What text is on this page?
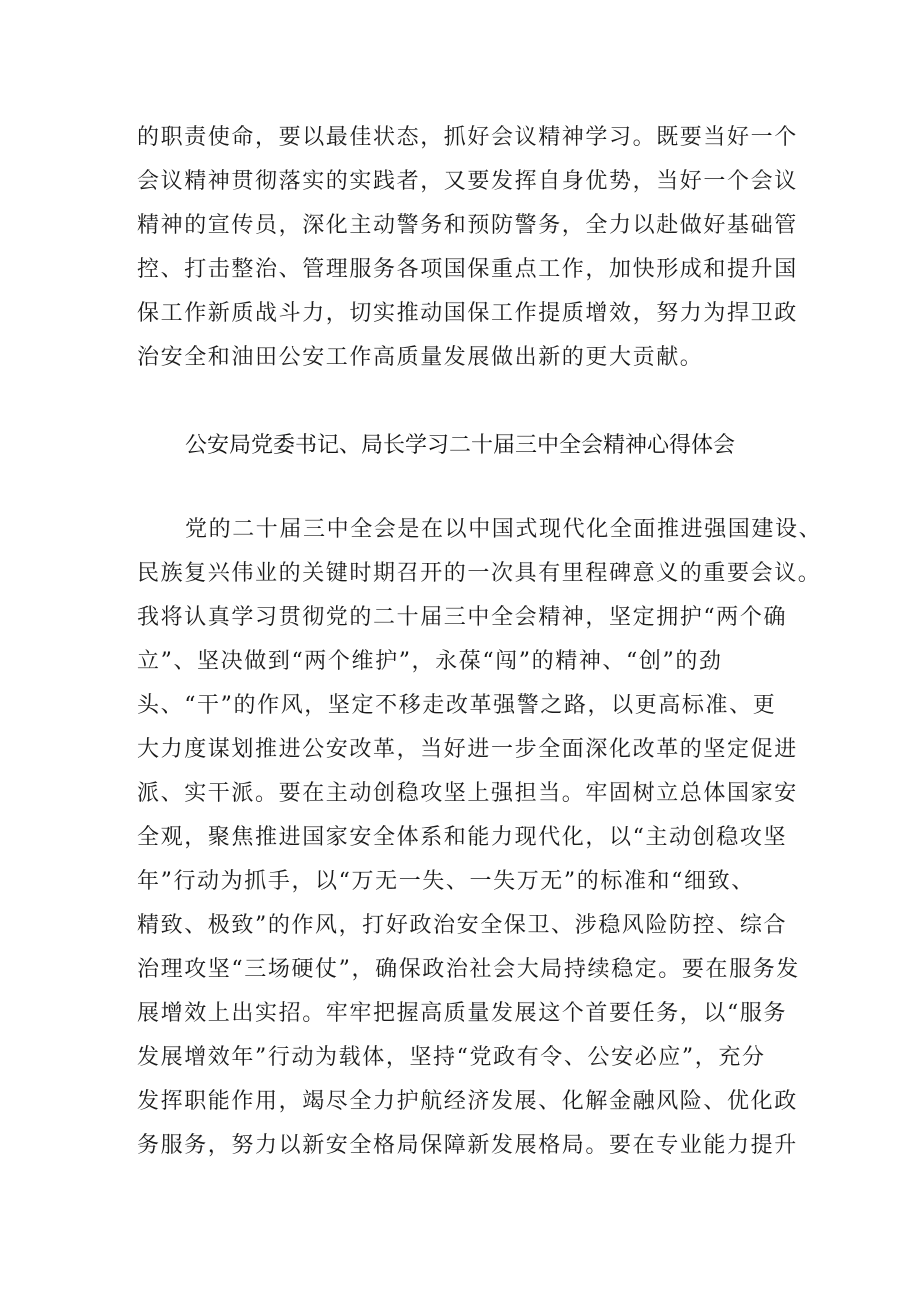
的职责使命，要以最佳状态，抓好会议精神学习。既要当好一个
会议精神贯彻落实的实践者，又要发挥自身优势，当好一个会议
精神的宣传员，深化主动警务和预防警务，全力以赴做好基础管
控、打击整治、管理服务各项国保重点工作，加快形成和提升国
保工作新质战斗力，切实推动国保工作提质增效，努力为捍卫政
治安全和油田公安工作高质量发展做出新的更大贡献。
公安局党委书记、局长学习二十届三中全会精神心得体会
党的二十届三中全会是在以中国式现代化全面推进强国建设、
民族复兴伟业的关键时期召开的一次具有里程碑意义的重要会议。
我将认真学习贯彻党的二十届三中全会精神，坚定拥护“两个确
立”、坚决做到“两个维护”，永葆“闯”的精神、“创”的劲
头、“干”的作风，坚定不移走改革强警之路，以更高标准、更
大力度谋划推进公安改革，当好进一步全面深化改革的坚定促进
派、实干派。要在主动创稳攻坚上强担当。牢固树立总体国家安
全观，聚焦推进国家安全体系和能力现代化，以“主动创稳攻坚
年”行动为抓手，以“万无一失、一失万无”的标准和“细致、
精致、极致”的作风，打好政治安全保卫、涉稳风险防控、综合
治理攻坚“三场硬仗”，确保政治社会大局持续稳定。要在服务发
展增效上出实招。牢牢把握高质量发展这个首要任务，以“服务
发展增效年”行动为载体，坚持“党政有令、公安必应”，充分
发挥职能作用，竭尽全力护航经济发展、化解金融风险、优化政
务服务，努力以新安全格局保障新发展格局。要在专业能力提升
